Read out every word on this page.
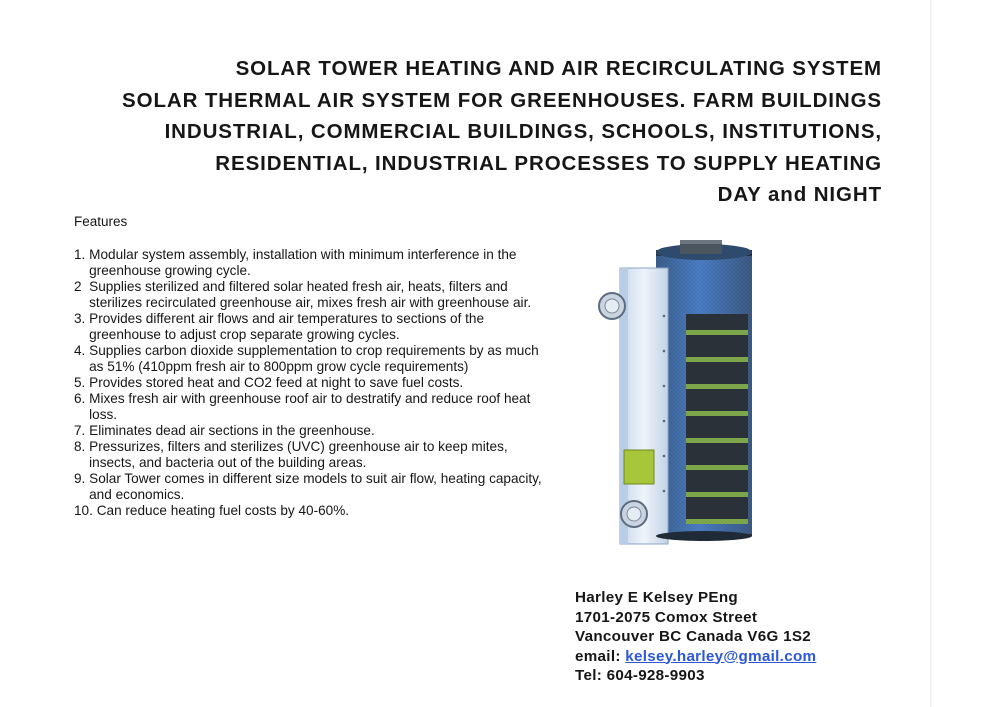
SOLAR TOWER HEATING AND AIR RECIRCULATING SYSTEM
SOLAR THERMAL AIR SYSTEM FOR GREENHOUSES. FARM BUILDINGS
INDUSTRIAL, COMMERCIAL BUILDINGS, SCHOOLS, INSTITUTIONS,
RESIDENTIAL, INDUSTRIAL PROCESSES TO SUPPLY HEATING
DAY and NIGHT
Features
1. Modular system assembly, installation with minimum interference in the greenhouse growing cycle.
2 Supplies sterilized and filtered solar heated fresh air, heats, filters and sterilizes recirculated greenhouse air, mixes fresh air with greenhouse air.
3. Provides different air flows and air temperatures to sections of the greenhouse to adjust crop separate growing cycles.
4. Supplies carbon dioxide supplementation to crop requirements by as much as 51% (410ppm fresh air to 800ppm grow cycle requirements)
5. Provides stored heat and CO2 feed at night to save fuel costs.
6. Mixes fresh air with greenhouse roof air to destratify and reduce roof heat loss.
7. Eliminates dead air sections in the greenhouse.
8. Pressurizes, filters and sterilizes (UVC) greenhouse air to keep mites, insects, and bacteria out of the building areas.
9. Solar Tower comes in different size models to suit air flow, heating capacity, and economics.
10. Can reduce heating fuel costs by 40-60%.
Harley E Kelsey PEng
1701-2075 Comox Street
Vancouver BC Canada V6G 1S2
email: kelsey.harley@gmail.com
Tel: 604-928-9903
